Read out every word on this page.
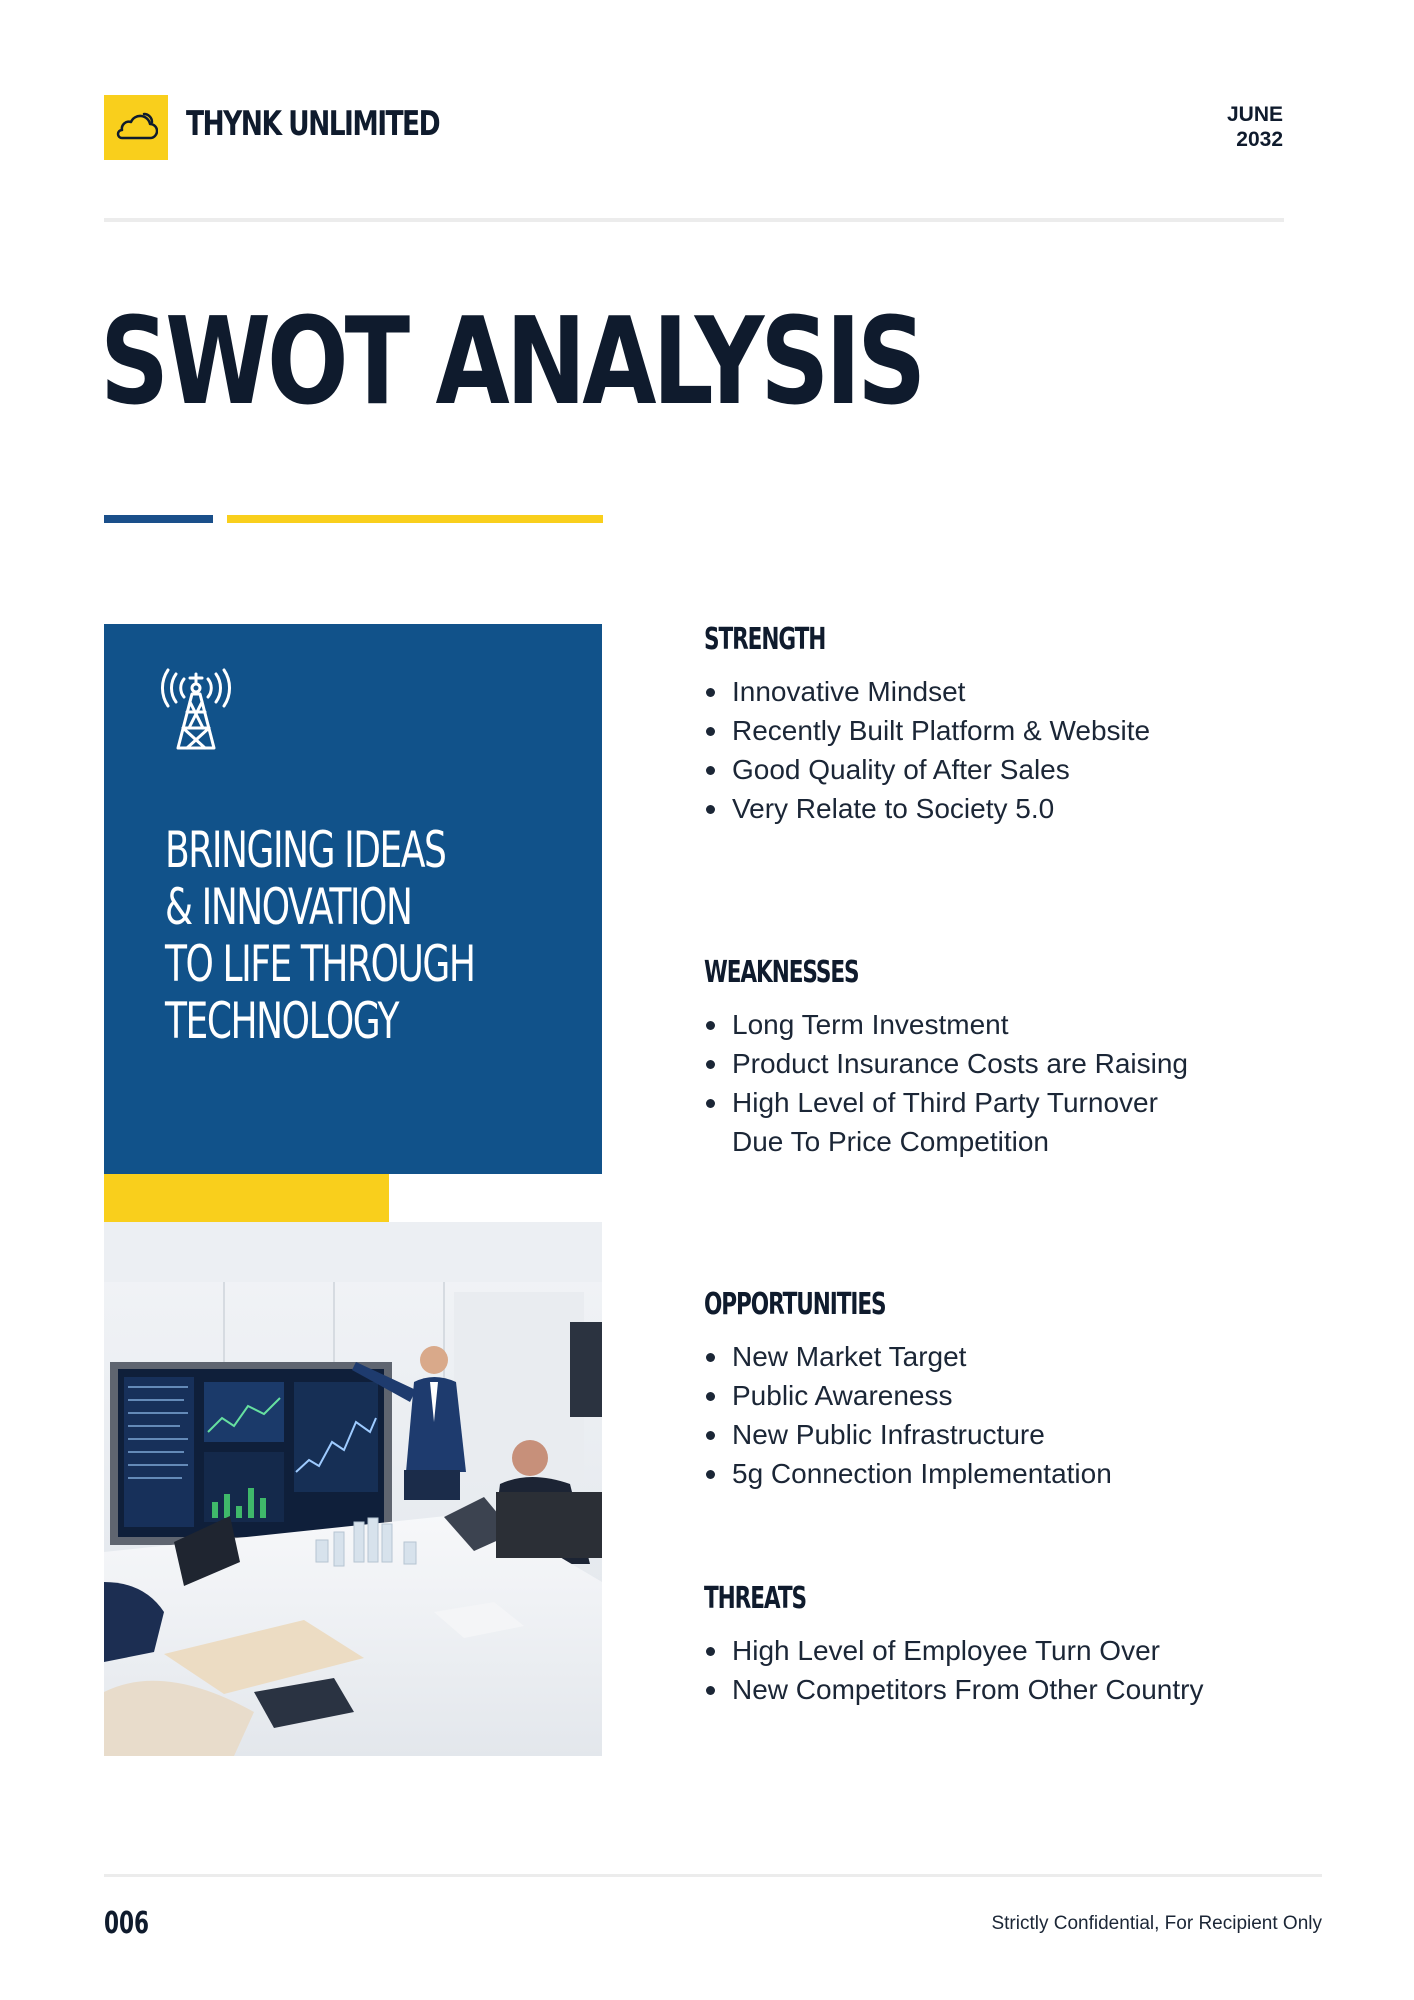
THYNK UNLIMITED	JUNE
2032
SWOT ANALYSIS
BRINGING IDEAS
& INNOVATION
TO LIFE THROUGH
TECHNOLOGY
STRENGTH
Innovative Mindset
Recently Built Platform & Website
Good Quality of After Sales
Very Relate to Society 5.0
WEAKNESSES
Long Term Investment
Product Insurance Costs are Raising
High Level of Third Party Turnover
Due To Price Competition
OPPORTUNITIES
New Market Target
Public Awareness
New Public Infrastructure
5g Connection Implementation
THREATS
High Level of Employee Turn Over
New Competitors From Other Country
006	Strictly Confidential, For Recipient Only
